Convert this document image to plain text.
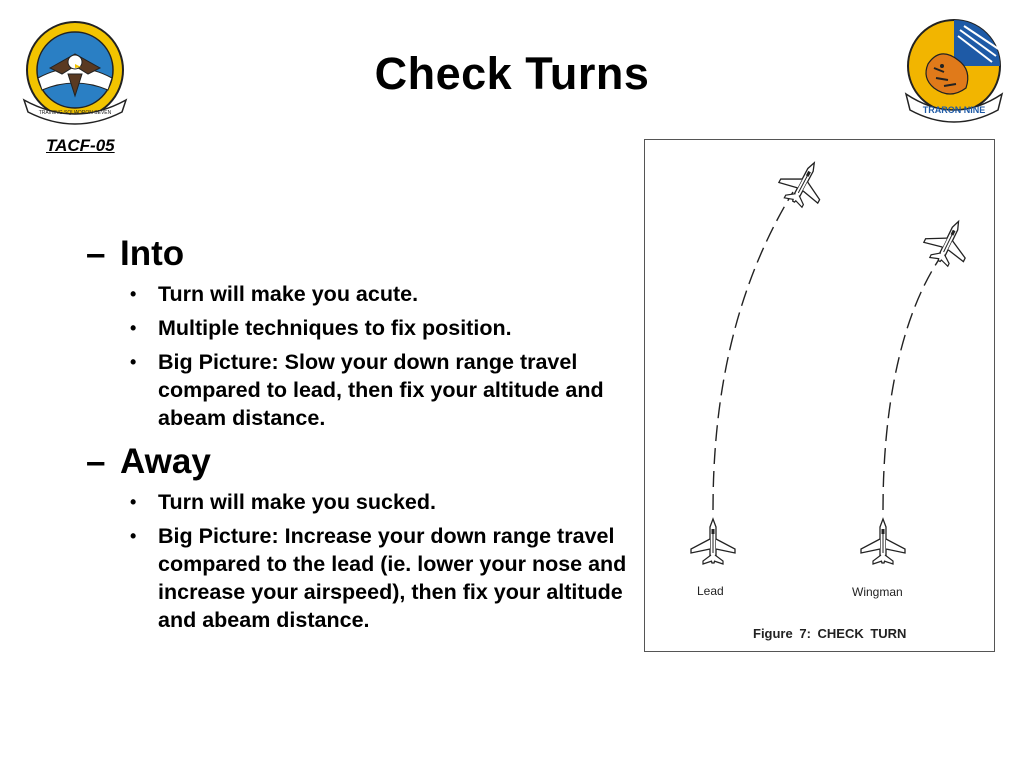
TRAINING SQUADRON SEVEN
TACF-05
Check Turns
TRARON NINE
– Into
• Turn will make you acute.
• Multiple techniques to fix position.
• Big Picture: Slow your down range travel compared to lead, then fix your altitude and abeam distance.
– Away
• Turn will make you sucked.
• Big Picture: Increase your down range travel compared to the lead (ie. lower your nose and increase your airspeed), then fix your altitude and abeam distance.
Lead	Wingman
Figure 7: CHECK TURN
